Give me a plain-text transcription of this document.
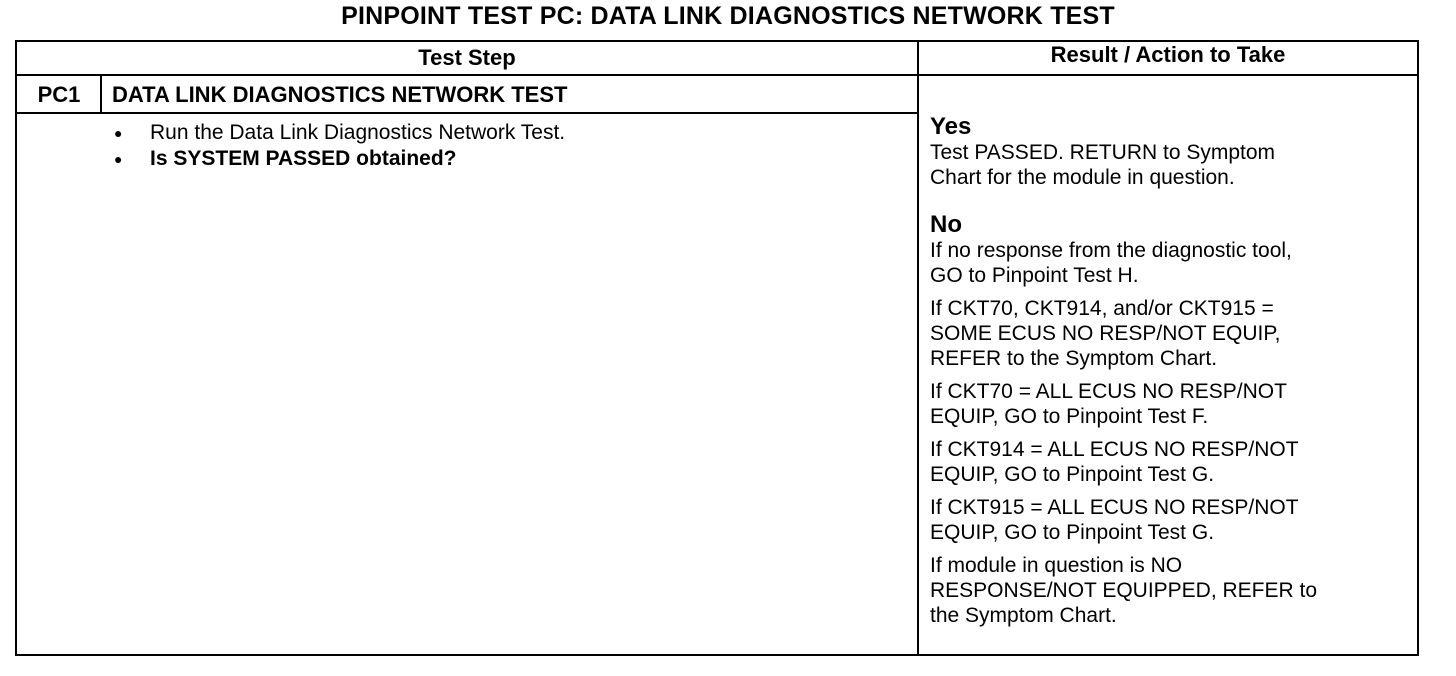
PINPOINT TEST PC: DATA LINK DIAGNOSTICS NETWORK TEST
Test Step	Result / Action to Take
PC1	DATA LINK DIAGNOSTICS NETWORK TEST
●	Run the Data Link Diagnostics Network Test.
●	Is SYSTEM PASSED obtained?
Yes
Test PASSED. RETURN to Symptom
Chart for the module in question.
No
If no response from the diagnostic tool,
GO to Pinpoint Test H.
If CKT70, CKT914, and/or CKT915 =
SOME ECUS NO RESP/NOT EQUIP,
REFER to the Symptom Chart.
If CKT70 = ALL ECUS NO RESP/NOT
EQUIP, GO to Pinpoint Test F.
If CKT914 = ALL ECUS NO RESP/NOT
EQUIP, GO to Pinpoint Test G.
If CKT915 = ALL ECUS NO RESP/NOT
EQUIP, GO to Pinpoint Test G.
If module in question is NO
RESPONSE/NOT EQUIPPED, REFER to
the Symptom Chart.
